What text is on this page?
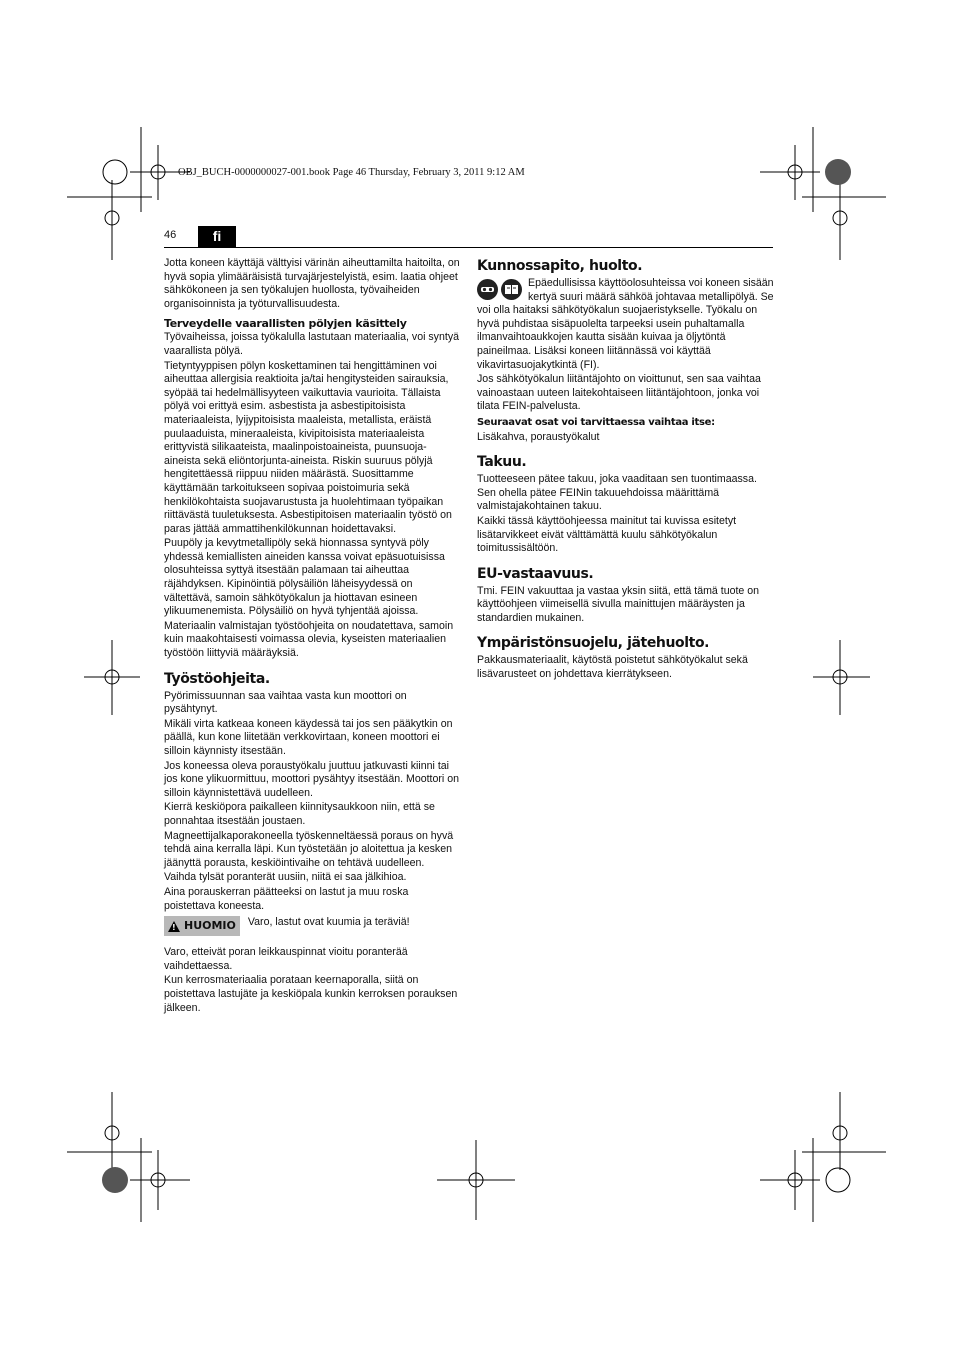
OBJ_BUCH-0000000027-001.book Page 46 Thursday, February 3, 2011 9:12 AM
46	fi

Jotta koneen käyttäjä välttyisi värinän aiheuttamilta haitoilta, on hyvä sopia ylimääräisistä turvajärjestelyistä, esim. laatia ohjeet sähkökoneen ja sen työkalujen huollosta, työvaiheiden organisoinnista ja työturvallisuudesta.

Terveydelle vaarallisten pölyjen käsittely

Työvaiheissa, joissa työkalulla lastutaan materiaalia, voi syntyä vaarallista pölyä.

Tietyntyyppisen pölyn koskettaminen tai hengittäminen voi aiheuttaa allergisia reaktioita ja/tai hengitysteiden sairauksia, syöpää tai hedelmällisyyteen vaikuttavia vaurioita. Tällaista pölyä voi erittyä esim. asbestista ja asbestipitoisista materiaaleista, lyijypitoisista maaleista, metallista, eräistä puulaaduista, mineraaleista, kivipitoisista materiaaleista erittyvistä silikaateista, maalinpoistoaineista, puunsuoja-aineista sekä eliöntorjunta-aineista. Riskin suuruus pölyjä hengitettäessä riippuu niiden määrästä. Suosittamme käyttämään tarkoitukseen sopivaa poistoimuria sekä henkilökohtaista suojavarustusta ja huolehtimaan työpaikan riittävästä tuuletuksesta. Asbestipitoisen materiaalin työstö on paras jättää ammattihenkilökunnan hoidettavaksi.

Puupöly ja kevytmetallipöly sekä hionnassa syntyvä pöly yhdessä kemiallisten aineiden kanssa voivat epäsuotuisissa olosuhteissa syttyä itsestään palamaan tai aiheuttaa räjähdyksen. Kipinöintiä pölysäiliön läheisyydessä on vältettävä, samoin sähkötyökalun ja hiottavan esineen ylikuumenemista. Pölysäiliö on hyvä tyhjentää ajoissa.

Materiaalin valmistajan työstöohjeita on noudatettava, samoin kuin maakohtaisesti voimassa olevia, kyseisten materiaalien työstöön liittyviä määräyksiä.

Työstöohjeita.

Pyörimissuunnan saa vaihtaa vasta kun moottori on pysähtynyt.

Mikäli virta katkeaa koneen käydessä tai jos sen pääkytkin on päällä, kun kone liitetään verkkovirtaan, koneen moottori ei silloin käynnisty itsestään.

Jos koneessa oleva poraustyökalu juuttuu jatkuvasti kiinni tai jos kone ylikuormittuu, moottori pysähtyy itsestään. Moottori on silloin käynnistettävä uudelleen.

Kierrä keskiöpora paikalleen kiinnitysaukkoon niin, että se ponnahtaa itsestään joustaen.

Magneettijalkaporakoneella työskenneltäessä poraus on hyvä tehdä aina kerralla läpi. Kun työstetään jo aloitettua ja kesken jäänyttä porausta, keskiöintivaihe on tehtävä uudelleen.

Vaihda tylsät poranterät uusiin, niitä ei saa jälkihioa.

Aina porauskerran päätteeksi on lastut ja muu roska poistettava koneesta.

! HUOMIO Varo, lastut ovat kuumia ja teräviä!

Varo, etteivät poran leikkauspinnat vioitu poranterää vaihdettaessa.

Kun kerrosmateriaalia porataan keernaporalla, siitä on poistettava lastujäte ja keskiöpala kunkin kerroksen porauksen jälkeen.

Kunnossapito, huolto.

Epäedullisissa käyttöolosuhteissa voi koneen sisään kertyä suuri määrä sähköä johtavaa metallipölyä. Se voi olla haitaksi sähkötyökalun suojaeristykselle. Työkalu on hyvä puhdistaa sisäpuolelta tarpeeksi usein puhaltamalla ilmanvaihtoaukkojen kautta sisään kuivaa ja öljytöntä paineilmaa. Lisäksi koneen liitännässä voi käyttää vikavirtasuojakytkintä (FI).

Jos sähkötyökalun liitäntäjohto on vioittunut, sen saa vaihtaa vainoastaan uuteen laitekohtaiseen liitäntäjohtoon, jonka voi tilata FEIN-palvelusta.

Seuraavat osat voi tarvittaessa vaihtaa itse:

Lisäkahva, poraustyökalut

Takuu.

Tuotteeseen pätee takuu, joka vaaditaan sen tuontimaassa. Sen ohella pätee FEINin takuuehdoissa määrittämä valmistajakohtainen takuu.

Kaikki tässä käyttöohjeessa mainitut tai kuvissa esitetyt lisätarvikkeet eivät välttämättä kuulu sähkötyökalun toimitussisältöön.

EU-vastaavuus.

Tmi. FEIN vakuuttaa ja vastaa yksin siitä, että tämä tuote on käyttöohjeen viimeisellä sivulla mainittujen määräysten ja standardien mukainen.

Ympäristönsuojelu, jätehuolto.

Pakkausmateriaalit, käytöstä poistetut sähkötyökalut sekä lisävarusteet on johdettava kierrätykseen.
